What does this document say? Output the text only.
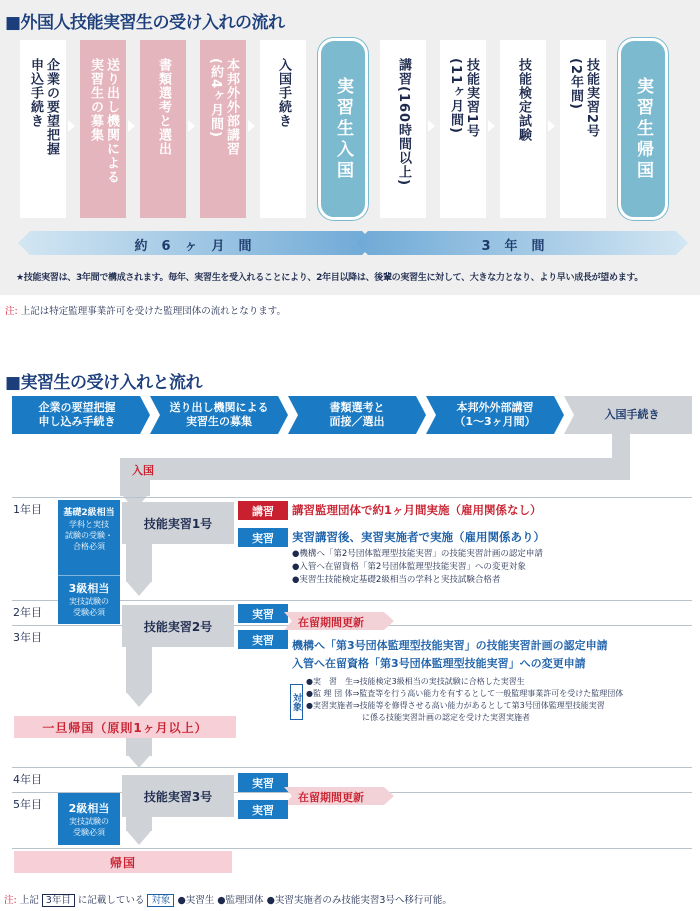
■外国人技能実習生の受け入れの流れ
企業の要望把握
申込手続き	送り出し機関による
実習生の募集	書類選考と選出	本邦外外部講習
(約4ヶ月間)	入国手続き 実習生入国	講習(160時間以上)	技能実習1号
(11ヶ月間)	技能検定試験	技能実習2号
(2年間)	実習生帰国
約6ヶ月間	3年間
★技能実習は、3年間で構成されます。毎年、実習生を受入れることにより、2年目以降は、後輩の実習生に対して、大きな力となり、より早い成長が望めます。
注: 上記は特定監理事業許可を受けた監理団体の流れとなります。
■実習生の受け入れと流れ
企業の要望把握
申し込み手続き
送り出し機関による
実習生の募集
書類選考と
面接／選出
本邦外外部講習
（1～3ヶ月間）
入国手続き
入国
1年目
2年目
3年目
4年目
5年目
基礎2級相当
学科と実技
試験の受験・
合格必須
3級相当
実技試験の
受験必須
2級相当
実技試験の
受験必須
技能実習1号
技能実習2号
一旦帰国（原則1ヶ月以上）
技能実習3号
帰国
講習	講習監理団体で約1ヶ月間実施（雇用関係なし）
実習	実習講習後、実習実施者で実施（雇用関係あり）
●機構へ「第2号団体監理型技能実習」の技能実習計画の認定申請
●入管へ在留資格「第2号団体監理型技能実習」への変更対象
●実習生技能検定基礎2級相当の学科と実技試験合格者
実習
在留期間更新
実習	機構へ「第3号団体監理型技能実習」の技能実習計画の認定申請
入管へ在留資格「第3号団体監理型技能実習」への変更申請
対象
●実　習　生⇒技能検定3級相当の実技試験に合格した実習生
●監 理 団 体⇒監査等を行う高い能力を有するとして一般監理事業許可を受けた監理団体
●実習実施者⇒技能等を修得させる高い能力があるとして第3号団体監理型技能実習
　　　　　　　に係る技能実習計画の認定を受けた実習実施者
実習
在留期間更新
実習
注: 上記 3年目 に記載している 対象 ●実習生 ●監理団体 ●実習実施者のみ技能実習3号へ移行可能。
